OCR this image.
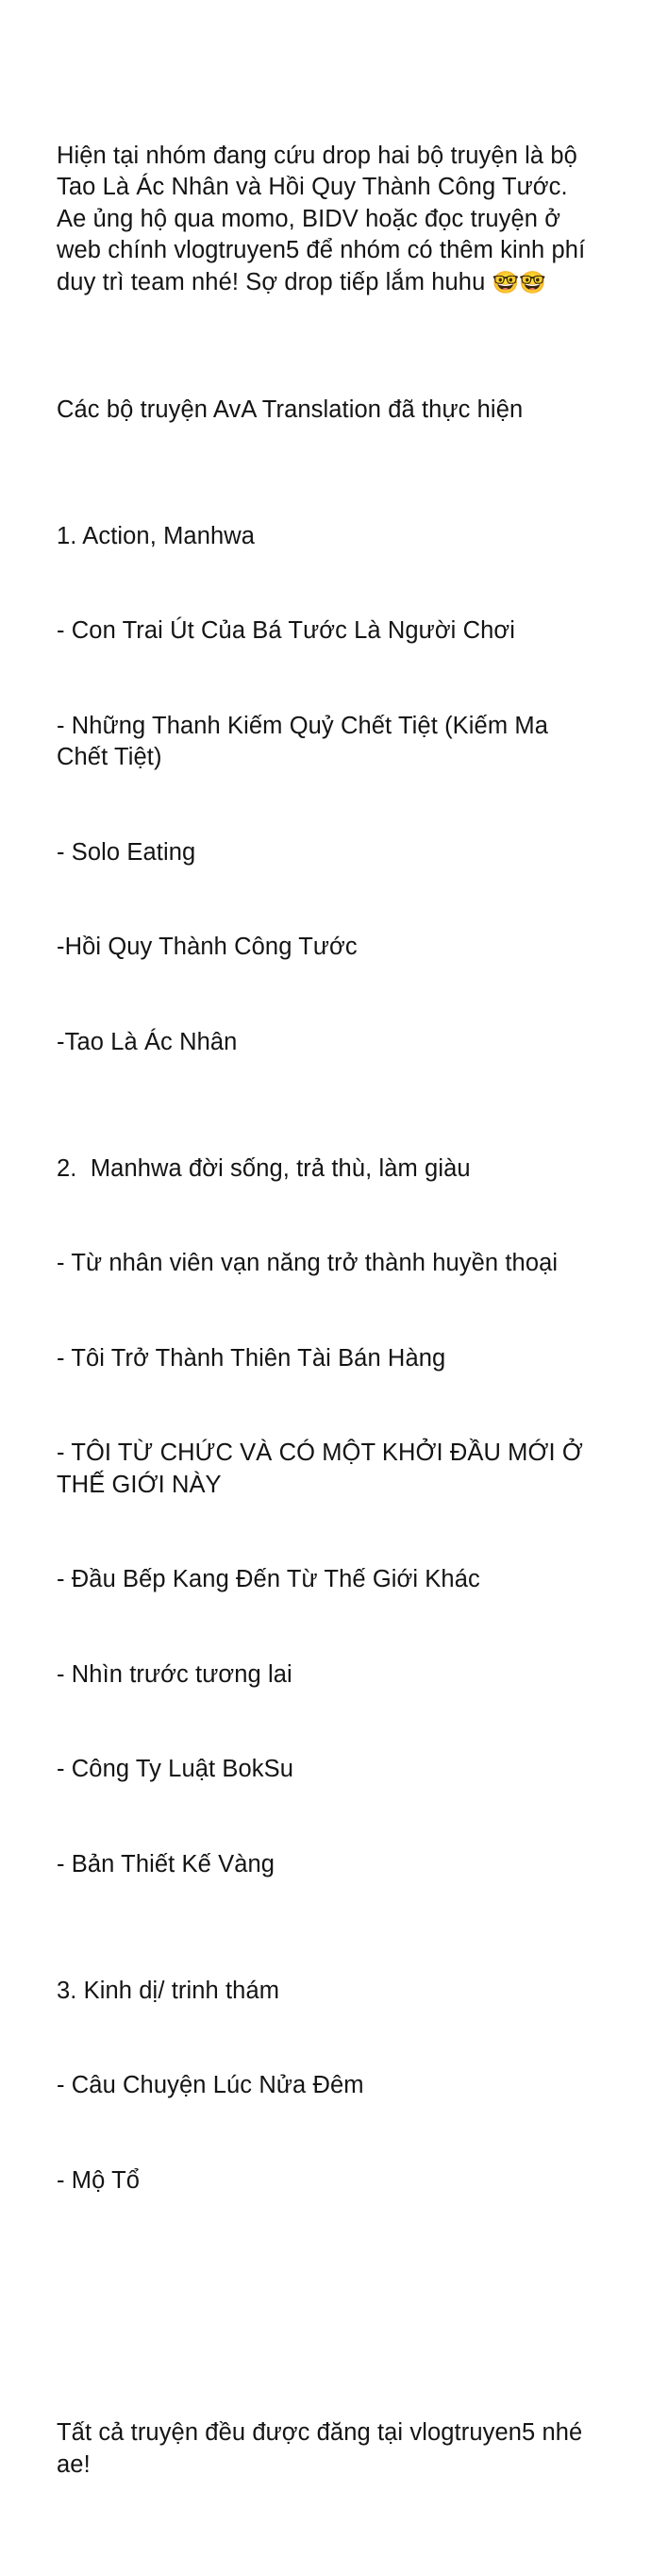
Hiện tại nhóm đang cứu drop hai bộ truyện là bộ Tao Là Ác Nhân và Hồi Quy Thành Công Tước. Ae ủng hộ qua momo, BIDV hoặc đọc truyện ở web chính vlogtruyen5 để nhóm có thêm kinh phí duy trì team nhé! Sợ drop tiếp lắm huhu 🤓🤓

Các bộ truyện AvA Translation đã thực hiện

1. Action, Manhwa

- Con Trai Út Của Bá Tước Là Người Chơi

- Những Thanh Kiếm Quỷ Chết Tiệt (Kiếm Ma Chết Tiệt)

- Solo Eating

-Hồi Quy Thành Công Tước

-Tao Là Ác Nhân

2.  Manhwa đời sống, trả thù, làm giàu

- Từ nhân viên vạn năng trở thành huyền thoại

- Tôi Trở Thành Thiên Tài Bán Hàng

- TÔI TỪ CHỨC VÀ CÓ MỘT KHỞI ĐẦU MỚI Ở THẾ GIỚI NÀY

- Đầu Bếp Kang Đến Từ Thế Giới Khác

- Nhìn trước tương lai

- Công Ty Luật BokSu

- Bản Thiết Kế Vàng

3. Kinh dị/ trinh thám

- Câu Chuyện Lúc Nửa Đêm

- Mộ Tổ

Tất cả truyện đều được đăng tại vlogtruyen5 nhé ae!
